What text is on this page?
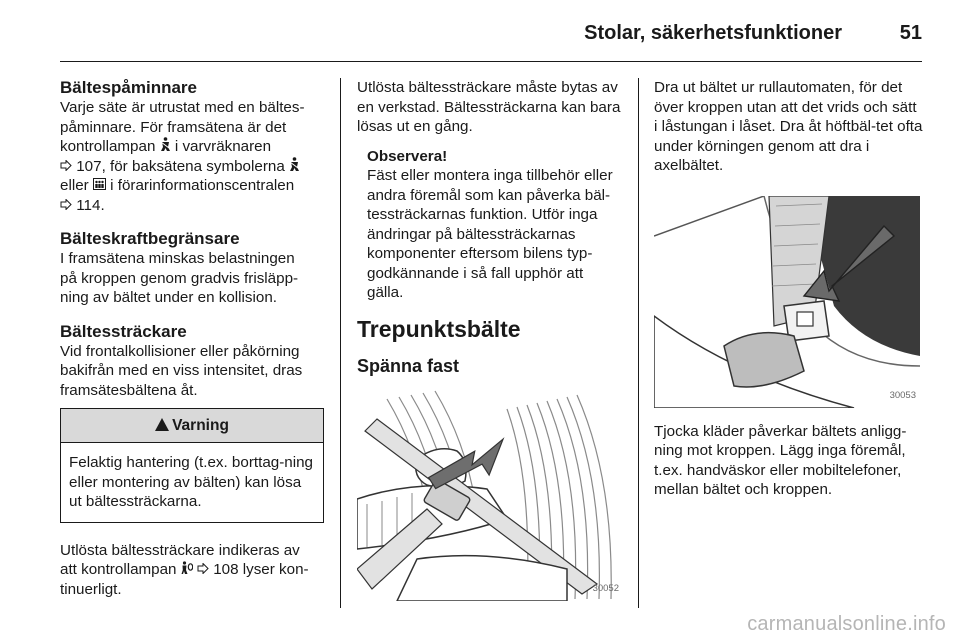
Stolar, säkerhetsfunktioner	51
Bältespåminnare
Varje säte är utrustat med en bältes-
påminnare. För framsätena är det
kontrollampan  i varvräknaren
107, för baksätena symbolerna
eller  i förarinformationscentralen
114.
Bälteskraftbegränsare
I framsätena minskas belastningen
på kroppen genom gradvis frisläpp-
ning av bältet under en kollision.
Bältessträckare
Vid frontalkollisioner eller påkörning
bakifrån med en viss intensitet, dras
framsätesbältena åt.
Varning
Felaktig hantering (t.ex. borttag-ning eller montering av bälten) kan lösa ut bältessträckarna.
Utlösta bältessträckare indikeras av
att kontrollampan   108 lyser kon-
tinuerligt.
Utlösta bältessträckare måste bytas av en verkstad. Bältessträckarna kan bara lösas ut en gång.
Observera!
Fäst eller montera inga tillbehör eller andra föremål som kan påverka bäl-tessträckarnas funktion. Utför inga ändringar på bältessträckarnas komponenter eftersom bilens typ-godkännande i så fall upphör att gälla.
Trepunktsbälte
Spänna fast
30052
Dra ut bältet ur rullautomaten, för det över kroppen utan att det vrids och sätt i låstungan i låset. Dra åt höftbäl-tet ofta under körningen genom att dra i axelbältet.
30053
Tjocka kläder påverkar bältets anligg-ning mot kroppen. Lägg inga föremål, t.ex. handväskor eller mobiltelefoner, mellan bältet och kroppen.
carmanualsonline.info
